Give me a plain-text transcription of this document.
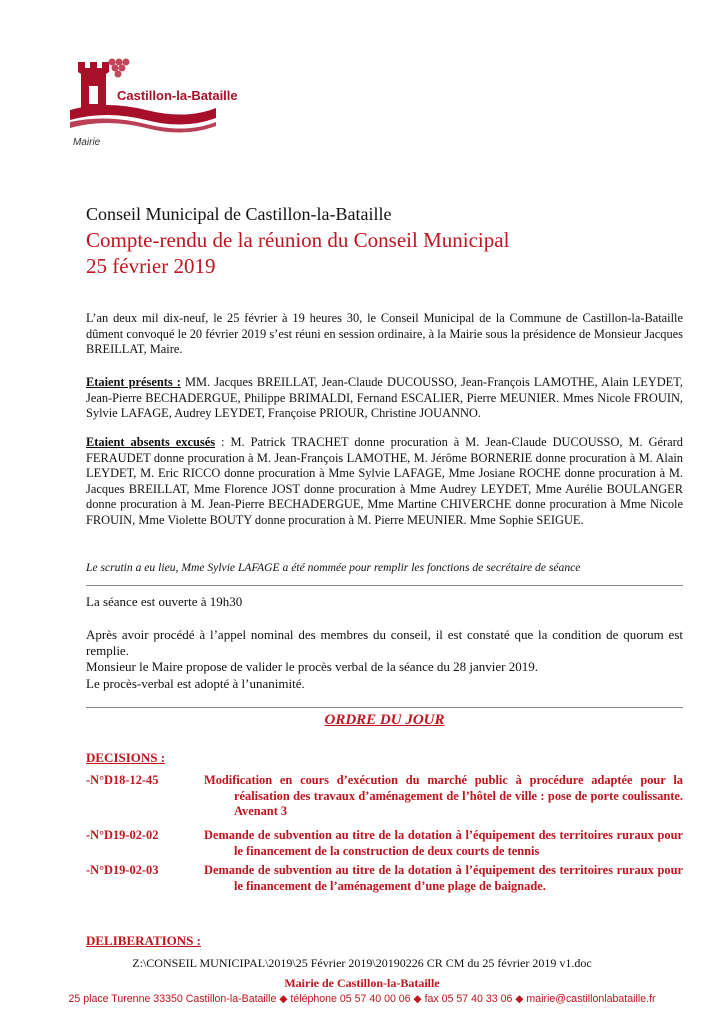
Castillon-la-Bataille
Mairie
Conseil Municipal de Castillon-la-Bataille
Compte-rendu de la réunion du Conseil Municipal
25 février 2019
L’an deux mil dix-neuf, le 25 février à 19 heures 30, le Conseil Municipal de la Commune de Castillon-la-Bataille dûment convoqué le 20 février 2019 s’est réuni en session ordinaire, à la Mairie sous la présidence de Monsieur Jacques BREILLAT, Maire.
Etaient présents : MM. Jacques BREILLAT, Jean-Claude DUCOUSSO, Jean-François LAMOTHE, Alain LEYDET, Jean-Pierre BECHADERGUE, Philippe BRIMALDI, Fernand ESCALIER, Pierre MEUNIER. Mmes Nicole FROUIN, Sylvie LAFAGE, Audrey LEYDET, Françoise PRIOUR, Christine JOUANNO.
Etaient absents excusés : M. Patrick TRACHET donne procuration à M. Jean-Claude DUCOUSSO, M. Gérard FERAUDET donne procuration à M. Jean-François LAMOTHE, M. Jérôme BORNERIE donne procuration à M. Alain LEYDET, M. Eric RICCO donne procuration à Mme Sylvie LAFAGE, Mme Josiane ROCHE donne procuration à M. Jacques BREILLAT, Mme Florence JOST donne procuration à Mme Audrey LEYDET, Mme Aurélie BOULANGER donne procuration à M. Jean-Pierre BECHADERGUE, Mme Martine CHIVERCHE donne procuration à Mme Nicole FROUIN, Mme Violette BOUTY donne procuration à M. Pierre MEUNIER. Mme Sophie SEIGUE.
Le scrutin a eu lieu, Mme Sylvie LAFAGE a été nommée pour remplir les fonctions de secrétaire de séance
La séance est ouverte à 19h30
Après avoir procédé à l’appel nominal des membres du conseil, il est constaté que la condition de quorum est remplie.
Monsieur le Maire propose de valider le procès verbal de la séance du 28 janvier 2019.
Le procès-verbal est adopté à l’unanimité.
ORDRE DU JOUR
DECISIONS :
-N°D18-12-45	Modification en cours d’exécution du marché public à procédure adaptée pour la réalisation des travaux d’aménagement de l’hôtel de ville : pose de porte coulissante. Avenant 3
-N°D19-02-02	Demande de subvention au titre de la dotation à l’équipement des territoires ruraux pour le financement de la construction de deux courts de tennis
-N°D19-02-03	Demande de subvention au titre de la dotation à l’équipement des territoires ruraux pour le financement de l’aménagement d’une plage de baignade.
DELIBERATIONS :
Z:\CONSEIL MUNICIPAL\2019\25 Février 2019\20190226 CR CM du 25 février 2019 v1.doc
Mairie de Castillon-la-Bataille
25 place Turenne 33350 Castillon-la-Bataille ◆ téléphone 05 57 40 00 06 ◆ fax 05 57 40 33 06 ◆ mairie@castillonlabataille.fr
